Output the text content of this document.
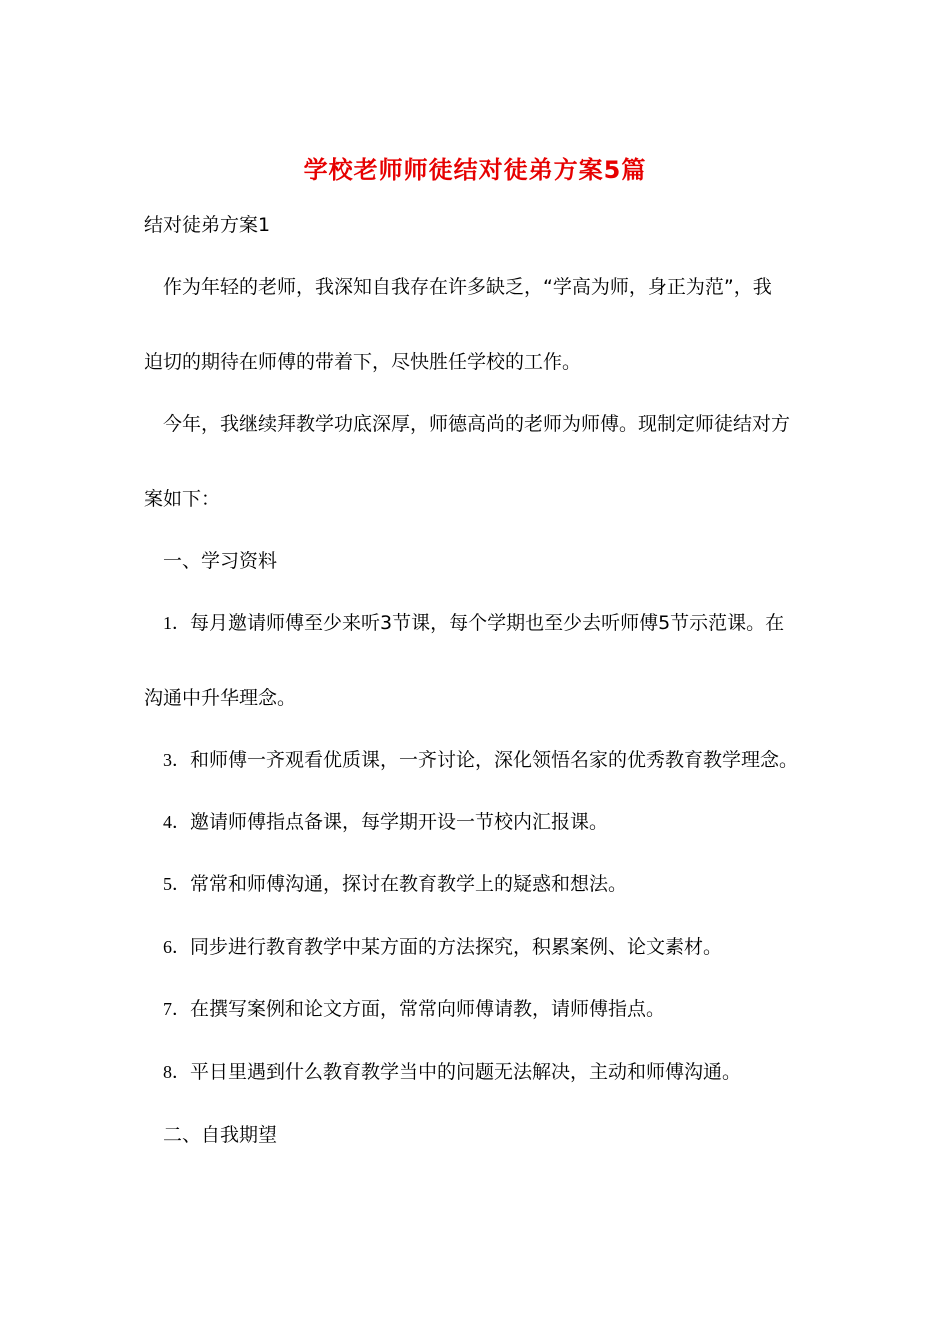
学校老师师徒结对徒弟方案5篇
结对徒弟方案1
作为年轻的老师，我深知自我存在许多缺乏，“学高为师，身正为范”，我
迫切的期待在师傅的带着下，尽快胜任学校的工作。
今年，我继续拜教学功底深厚，师德高尚的老师为师傅。现制定师徒结对方
案如下：
一、学习资料
1．每月邀请师傅至少来听3节课，每个学期也至少去听师傅5节示范课。在
沟通中升华理念。
3．和师傅一齐观看优质课，一齐讨论，深化领悟名家的优秀教育教学理念。
4．邀请师傅指点备课，每学期开设一节校内汇报课。
5．常常和师傅沟通，探讨在教育教学上的疑惑和想法。
6．同步进行教育教学中某方面的方法探究，积累案例、论文素材。
7．在撰写案例和论文方面，常常向师傅请教，请师傅指点。
8．平日里遇到什么教育教学当中的问题无法解决，主动和师傅沟通。
二、自我期望
